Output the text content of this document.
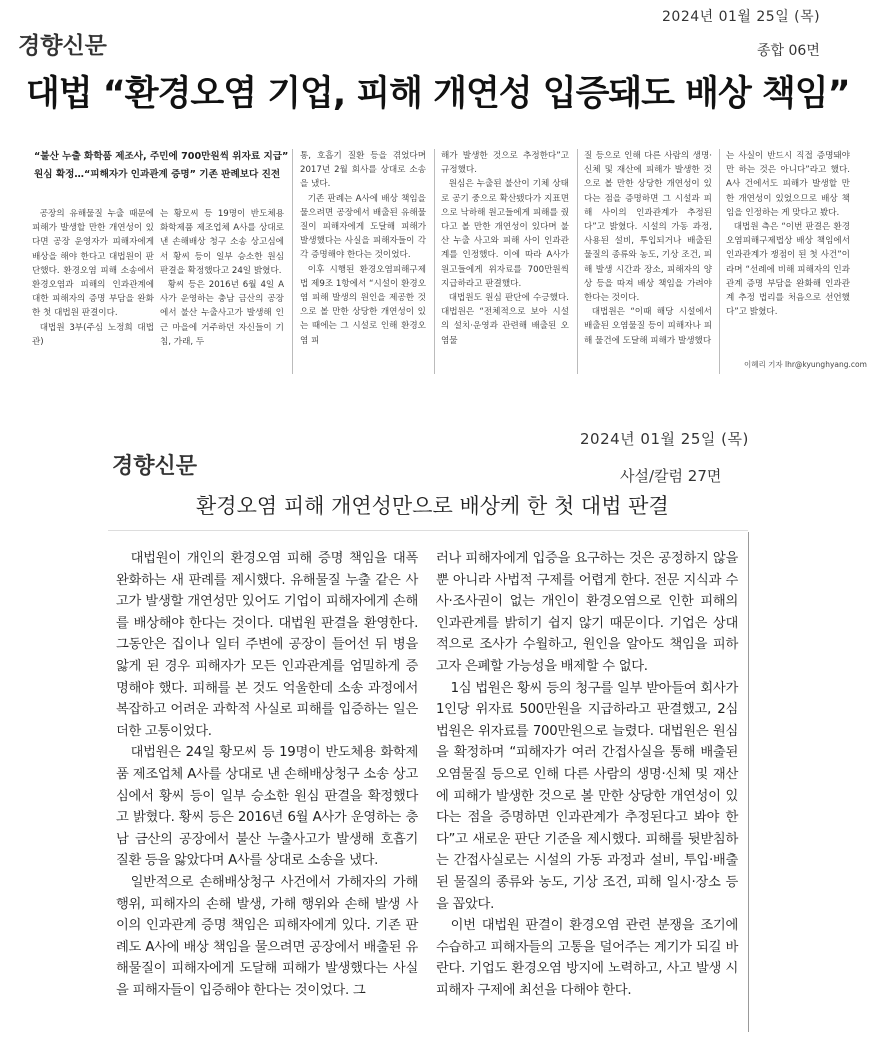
2024년 01월 25일 (목)
경향신문	종합 06면
대법 “환경오염 기업, 피해 개연성 입증돼도 배상 책임”
“불산 누출 화학품 제조사, 주민에 700만원씩 위자료 지급”
원심 확정…“피해자가 인과관계 증명” 기존 판례보다 진전

공장의 유해물질 누출 때문에 피해가 발생할 만한 개연성이 있다면 공장 운영자가 피해자에게 배상을 해야 한다고 대법원이 판단했다. 환경오염 피해 소송에서 환경오염과 피해의 인과관계에 대한 피해자의 증명 부담을 완화한 첫 대법원 판결이다.

대법원 3부(주심 노정희 대법관)

는 황모씨 등 19명이 반도체용 화학제품 제조업체 A사를 상대로 낸 손해배상 청구 소송 상고심에서 황씨 등이 일부 승소한 원심 판결을 확정했다고 24일 밝혔다.

황씨 등은 2016년 6월 4일 A사가 운영하는 충남 금산의 공장에서 불산 누출사고가 발생해 인근 마을에 거주하던 자신들이 기침, 가래, 두

통, 호흡기 질환 등을 겪었다며 2017년 2월 회사를 상대로 소송을 냈다.

기존 판례는 A사에 배상 책임을 물으려면 공장에서 배출된 유해물질이 피해자에게 도달해 피해가 발생했다는 사실을 피해자들이 각각 증명해야 한다는 것이었다.

이후 시행된 환경오염피해구제법 제9조 1항에서 “시설이 환경오염 피해 발생의 원인을 제공한 것으로 볼 만한 상당한 개연성이 있는 때에는 그 시설로 인해 환경오염 피

해가 발생한 것으로 추정한다”고 규정했다.

원심은 누출된 불산이 기체 상태로 공기 중으로 확산됐다가 지표면으로 낙하해 원고들에게 피해를 줬다고 볼 만한 개연성이 있다며 불산 누출 사고와 피해 사이 인과관계를 인정했다. 이에 따라 A사가 원고들에게 위자료를 700만원씩 지급하라고 판결했다.

대법원도 원심 판단에 수긍했다. 대법원은 “전체적으로 보아 시설의 설치·운영과 관련해 배출된 오염물

질 등으로 인해 다른 사람의 생명·신체 및 재산에 피해가 발생한 것으로 볼 만한 상당한 개연성이 있다는 점을 증명하면 그 시설과 피해 사이의 인과관계가 추정된다”고 밝혔다. 시설의 가동 과정, 사용된 설비, 투입되거나 배출된 물질의 종류와 농도, 기상 조건, 피해 발생 시간과 장소, 피해자의 양상 등을 따져 배상 책임을 가려야 한다는 것이다.

대법원은 “이때 해당 시설에서 배출된 오염물질 등이 피해자나 피해 물건에 도달해 피해가 발생했다

는 사실이 반드시 직접 증명돼야만 하는 것은 아니다”라고 했다. A사 건에서도 피해가 발생할 만한 개연성이 있었으므로 배상 책임을 인정하는 게 맞다고 봤다.

대법원 측은 “이번 판결은 환경오염피해구제법상 배상 책임에서 인과관계가 쟁점이 된 첫 사건”이라며 “선례에 비해 피해자의 인과관계 증명 부담을 완화해 인과관계 추정 법리를 처음으로 선언했다”고 밝혔다.

이혜리 기자 lhr@kyunghyang.com
2024년 01월 25일 (목)
경향신문	사설/칼럼 27면
환경오염 피해 개연성만으로 배상케 한 첫 대법 판결

대법원이 개인의 환경오염 피해 증명 책임을 대폭 완화하는 새 판례를 제시했다. 유해물질 누출 같은 사고가 발생할 개연성만 있어도 기업이 피해자에게 손해를 배상해야 한다는 것이다. 대법원 판결을 환영한다. 그동안은 집이나 일터 주변에 공장이 들어선 뒤 병을 앓게 된 경우 피해자가 모든 인과관계를 엄밀하게 증명해야 했다. 피해를 본 것도 억울한데 소송 과정에서 복잡하고 어려운 과학적 사실로 피해를 입증하는 일은 더한 고통이었다.

대법원은 24일 황모씨 등 19명이 반도체용 화학제품 제조업체 A사를 상대로 낸 손해배상청구 소송 상고심에서 황씨 등이 일부 승소한 원심 판결을 확정했다고 밝혔다. 황씨 등은 2016년 6월 A사가 운영하는 충남 금산의 공장에서 불산 누출사고가 발생해 호흡기 질환 등을 앓았다며 A사를 상대로 소송을 냈다.

일반적으로 손해배상청구 사건에서 가해자의 가해 행위, 피해자의 손해 발생, 가해 행위와 손해 발생 사이의 인과관계 증명 책임은 피해자에게 있다. 기존 판례도 A사에 배상 책임을 물으려면 공장에서 배출된 유해물질이 피해자에게 도달해 피해가 발생했다는 사실을 피해자들이 입증해야 한다는 것이었다. 그

러나 피해자에게 입증을 요구하는 것은 공정하지 않을 뿐 아니라 사법적 구제를 어렵게 한다. 전문 지식과 수사·조사권이 없는 개인이 환경오염으로 인한 피해의 인과관계를 밝히기 쉽지 않기 때문이다. 기업은 상대적으로 조사가 수월하고, 원인을 알아도 책임을 피하고자 은폐할 가능성을 배제할 수 없다.

1심 법원은 황씨 등의 청구를 일부 받아들여 회사가 1인당 위자료 500만원을 지급하라고 판결했고, 2심 법원은 위자료를 700만원으로 늘렸다. 대법원은 원심을 확정하며 “피해자가 여러 간접사실을 통해 배출된 오염물질 등으로 인해 다른 사람의 생명·신체 및 재산에 피해가 발생한 것으로 볼 만한 상당한 개연성이 있다는 점을 증명하면 인과관계가 추정된다고 봐야 한다”고 새로운 판단 기준을 제시했다. 피해를 뒷받침하는 간접사실로는 시설의 가동 과정과 설비, 투입·배출된 물질의 종류와 농도, 기상 조건, 피해 일시·장소 등을 꼽았다.

이번 대법원 판결이 환경오염 관련 분쟁을 조기에 수습하고 피해자들의 고통을 덜어주는 계기가 되길 바란다. 기업도 환경오염 방지에 노력하고, 사고 발생 시 피해자 구제에 최선을 다해야 한다.
